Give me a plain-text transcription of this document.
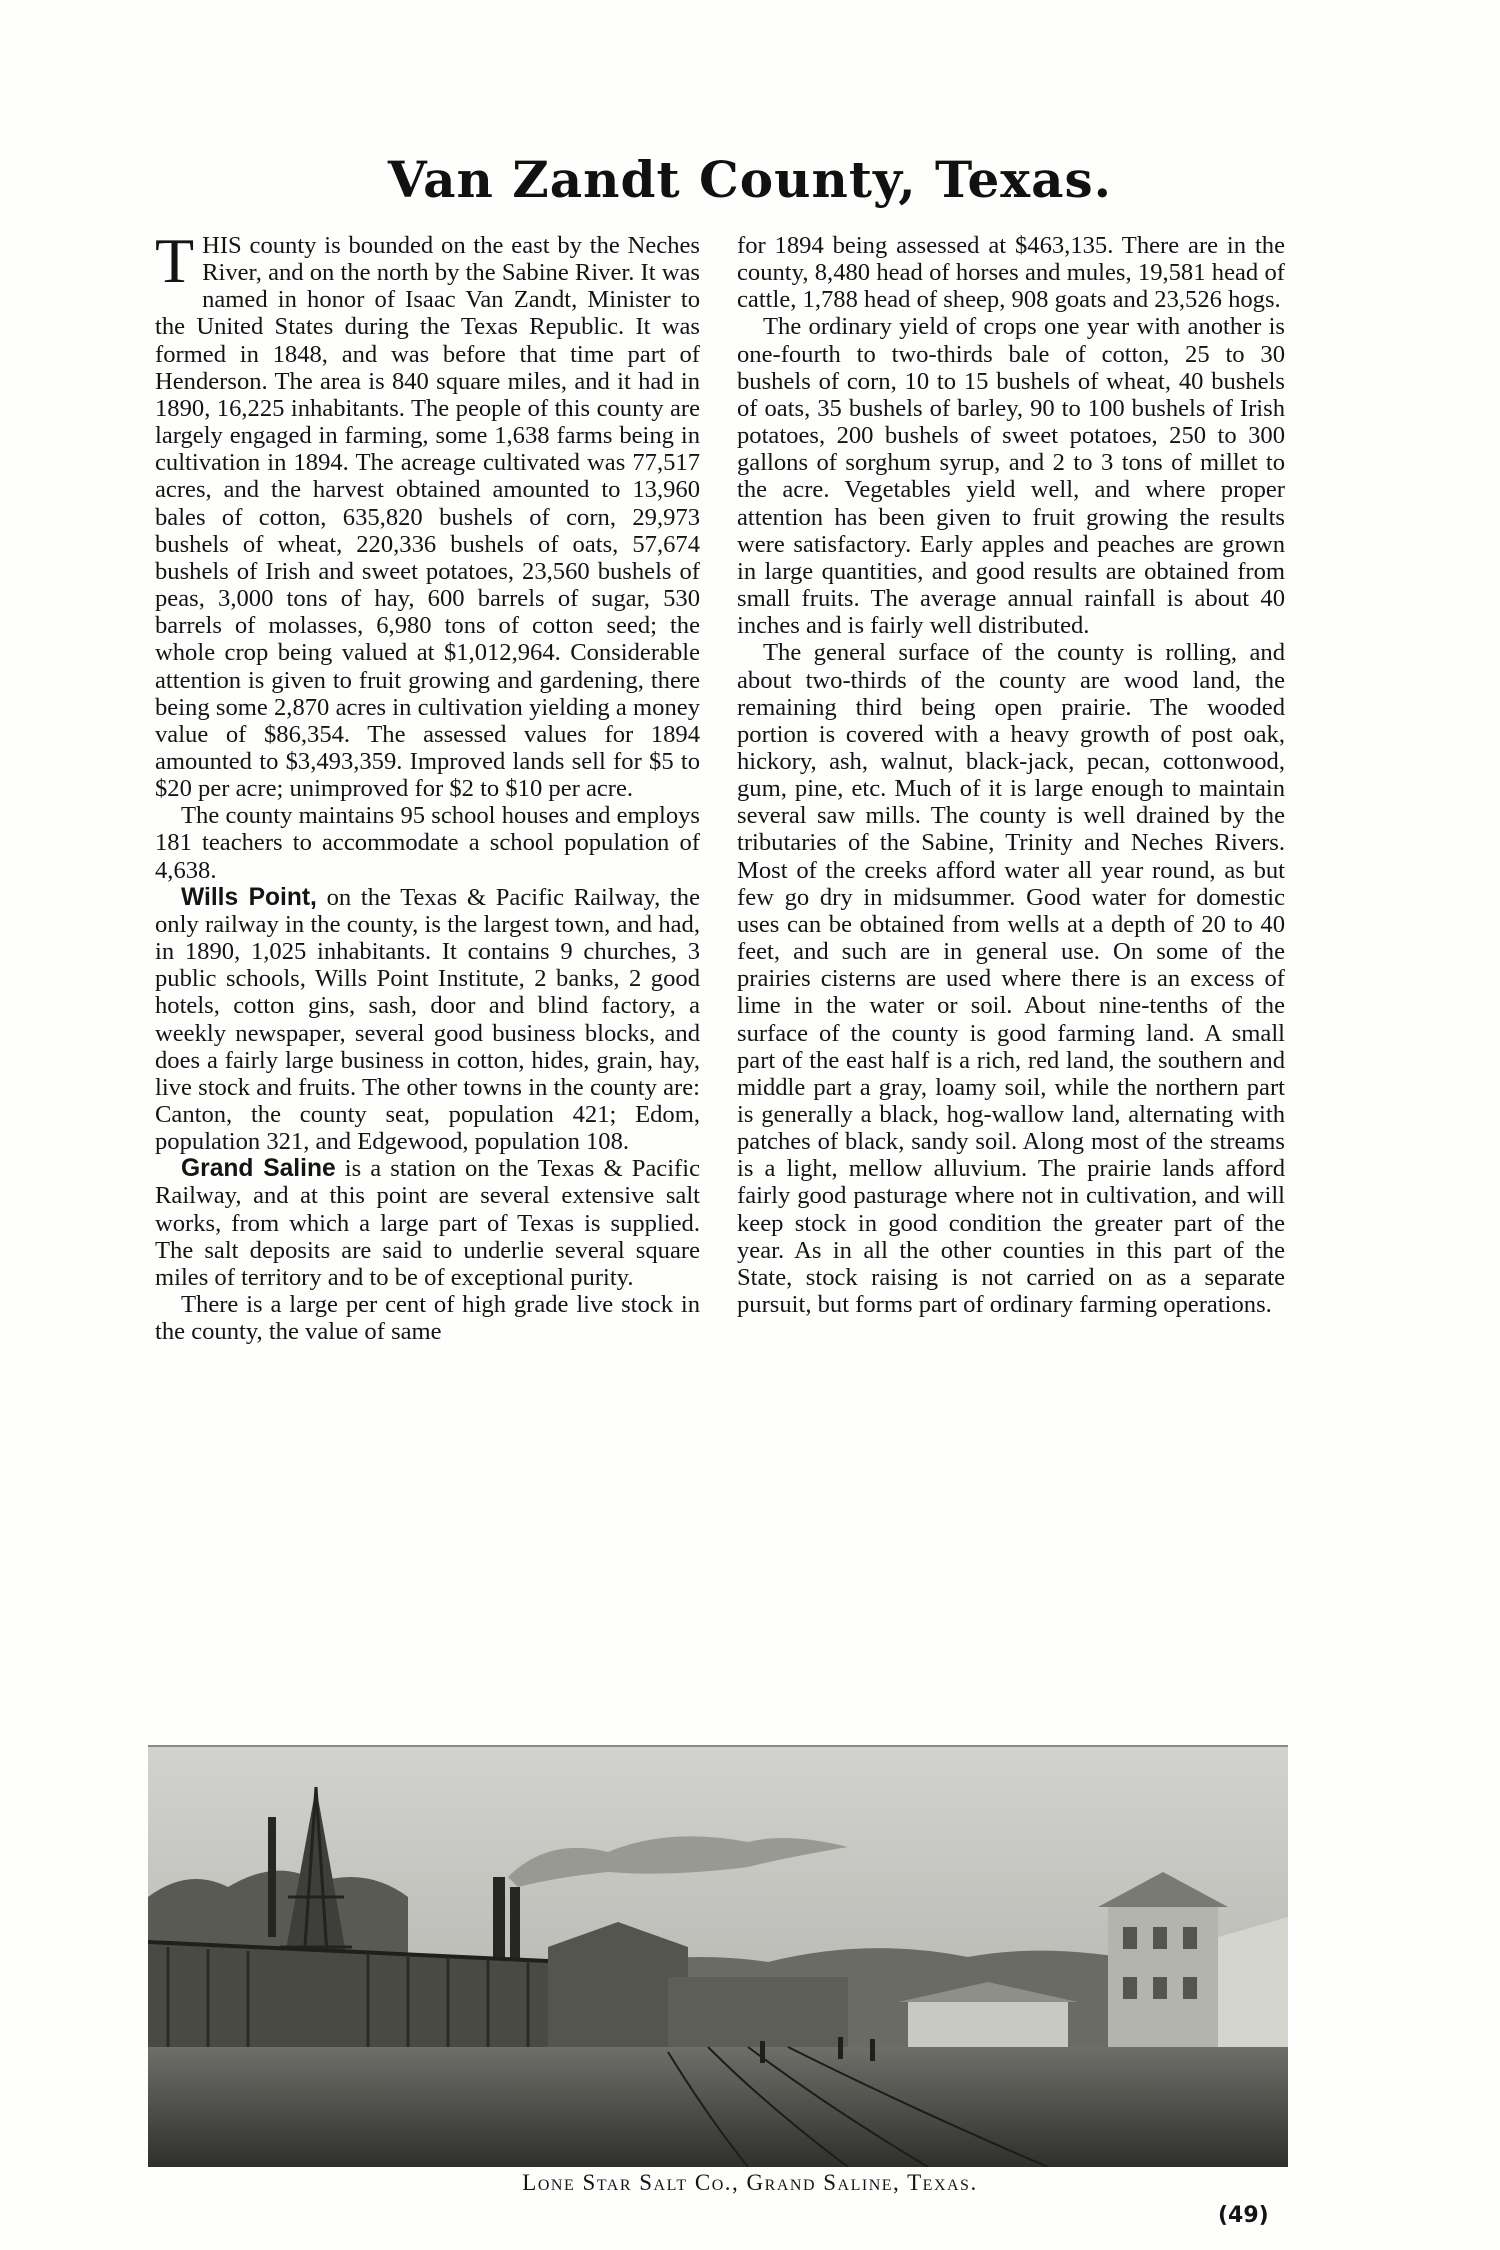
Van Zandt County, Texas.

THIS county is bounded on the east by the Neches River, and on the north by the Sabine River. It was named in honor of Isaac Van Zandt, Minister to the United States during the Texas Republic. It was formed in 1848, and was before that time part of Henderson. The area is 840 square miles, and it had in 1890, 16,225 inhabitants. The people of this county are largely engaged in farming, some 1,638 farms being in cultivation in 1894. The acreage cultivated was 77,517 acres, and the harvest obtained amounted to 13,960 bales of cotton, 635,820 bushels of corn, 29,973 bushels of wheat, 220,336 bushels of oats, 57,674 bushels of Irish and sweet potatoes, 23,560 bushels of peas, 3,000 tons of hay, 600 barrels of sugar, 530 barrels of molasses, 6,980 tons of cotton seed; the whole crop being valued at $1,012,964. Considerable attention is given to fruit growing and gardening, there being some 2,870 acres in cultivation yielding a money value of $86,354. The assessed values for 1894 amounted to $3,493,359. Improved lands sell for $5 to $20 per acre; unimproved for $2 to $10 per acre.

The county maintains 95 school houses and employs 181 teachers to accommodate a school population of 4,638.

Wills Point, on the Texas & Pacific Railway, the only railway in the county, is the largest town, and had, in 1890, 1,025 inhabitants. It contains 9 churches, 3 public schools, Wills Point Institute, 2 banks, 2 good hotels, cotton gins, sash, door and blind factory, a weekly newspaper, several good business blocks, and does a fairly large business in cotton, hides, grain, hay, live stock and fruits. The other towns in the county are: Canton, the county seat, population 421; Edom, population 321, and Edgewood, population 108.

Grand Saline is a station on the Texas & Pacific Railway, and at this point are several extensive salt works, from which a large part of Texas is supplied. The salt deposits are said to underlie several square miles of territory and to be of exceptional purity.

There is a large per cent of high grade live stock in the county, the value of same

for 1894 being assessed at $463,135. There are in the county, 8,480 head of horses and mules, 19,581 head of cattle, 1,788 head of sheep, 908 goats and 23,526 hogs.

The ordinary yield of crops one year with another is one-fourth to two-thirds bale of cotton, 25 to 30 bushels of corn, 10 to 15 bushels of wheat, 40 bushels of oats, 35 bushels of barley, 90 to 100 bushels of Irish potatoes, 200 bushels of sweet potatoes, 250 to 300 gallons of sorghum syrup, and 2 to 3 tons of millet to the acre. Vegetables yield well, and where proper attention has been given to fruit growing the results were satisfactory. Early apples and peaches are grown in large quantities, and good results are obtained from small fruits. The average annual rainfall is about 40 inches and is fairly well distributed.

The general surface of the county is rolling, and about two-thirds of the county are wood land, the remaining third being open prairie. The wooded portion is covered with a heavy growth of post oak, hickory, ash, walnut, black-jack, pecan, cottonwood, gum, pine, etc. Much of it is large enough to maintain several saw mills. The county is well drained by the tributaries of the Sabine, Trinity and Neches Rivers. Most of the creeks afford water all year round, as but few go dry in midsummer. Good water for domestic uses can be obtained from wells at a depth of 20 to 40 feet, and such are in general use. On some of the prairies cisterns are used where there is an excess of lime in the water or soil. About nine-tenths of the surface of the county is good farming land. A small part of the east half is a rich, red land, the southern and middle part a gray, loamy soil, while the northern part is generally a black, hog-wallow land, alternating with patches of black, sandy soil. Along most of the streams is a light, mellow alluvium. The prairie lands afford fairly good pasturage where not in cultivation, and will keep stock in good condition the greater part of the year. As in all the other counties in this part of the State, stock raising is not carried on as a separate pursuit, but forms part of ordinary farming operations.

Lone Star Salt Co., Grand Saline, Texas.
(49)
